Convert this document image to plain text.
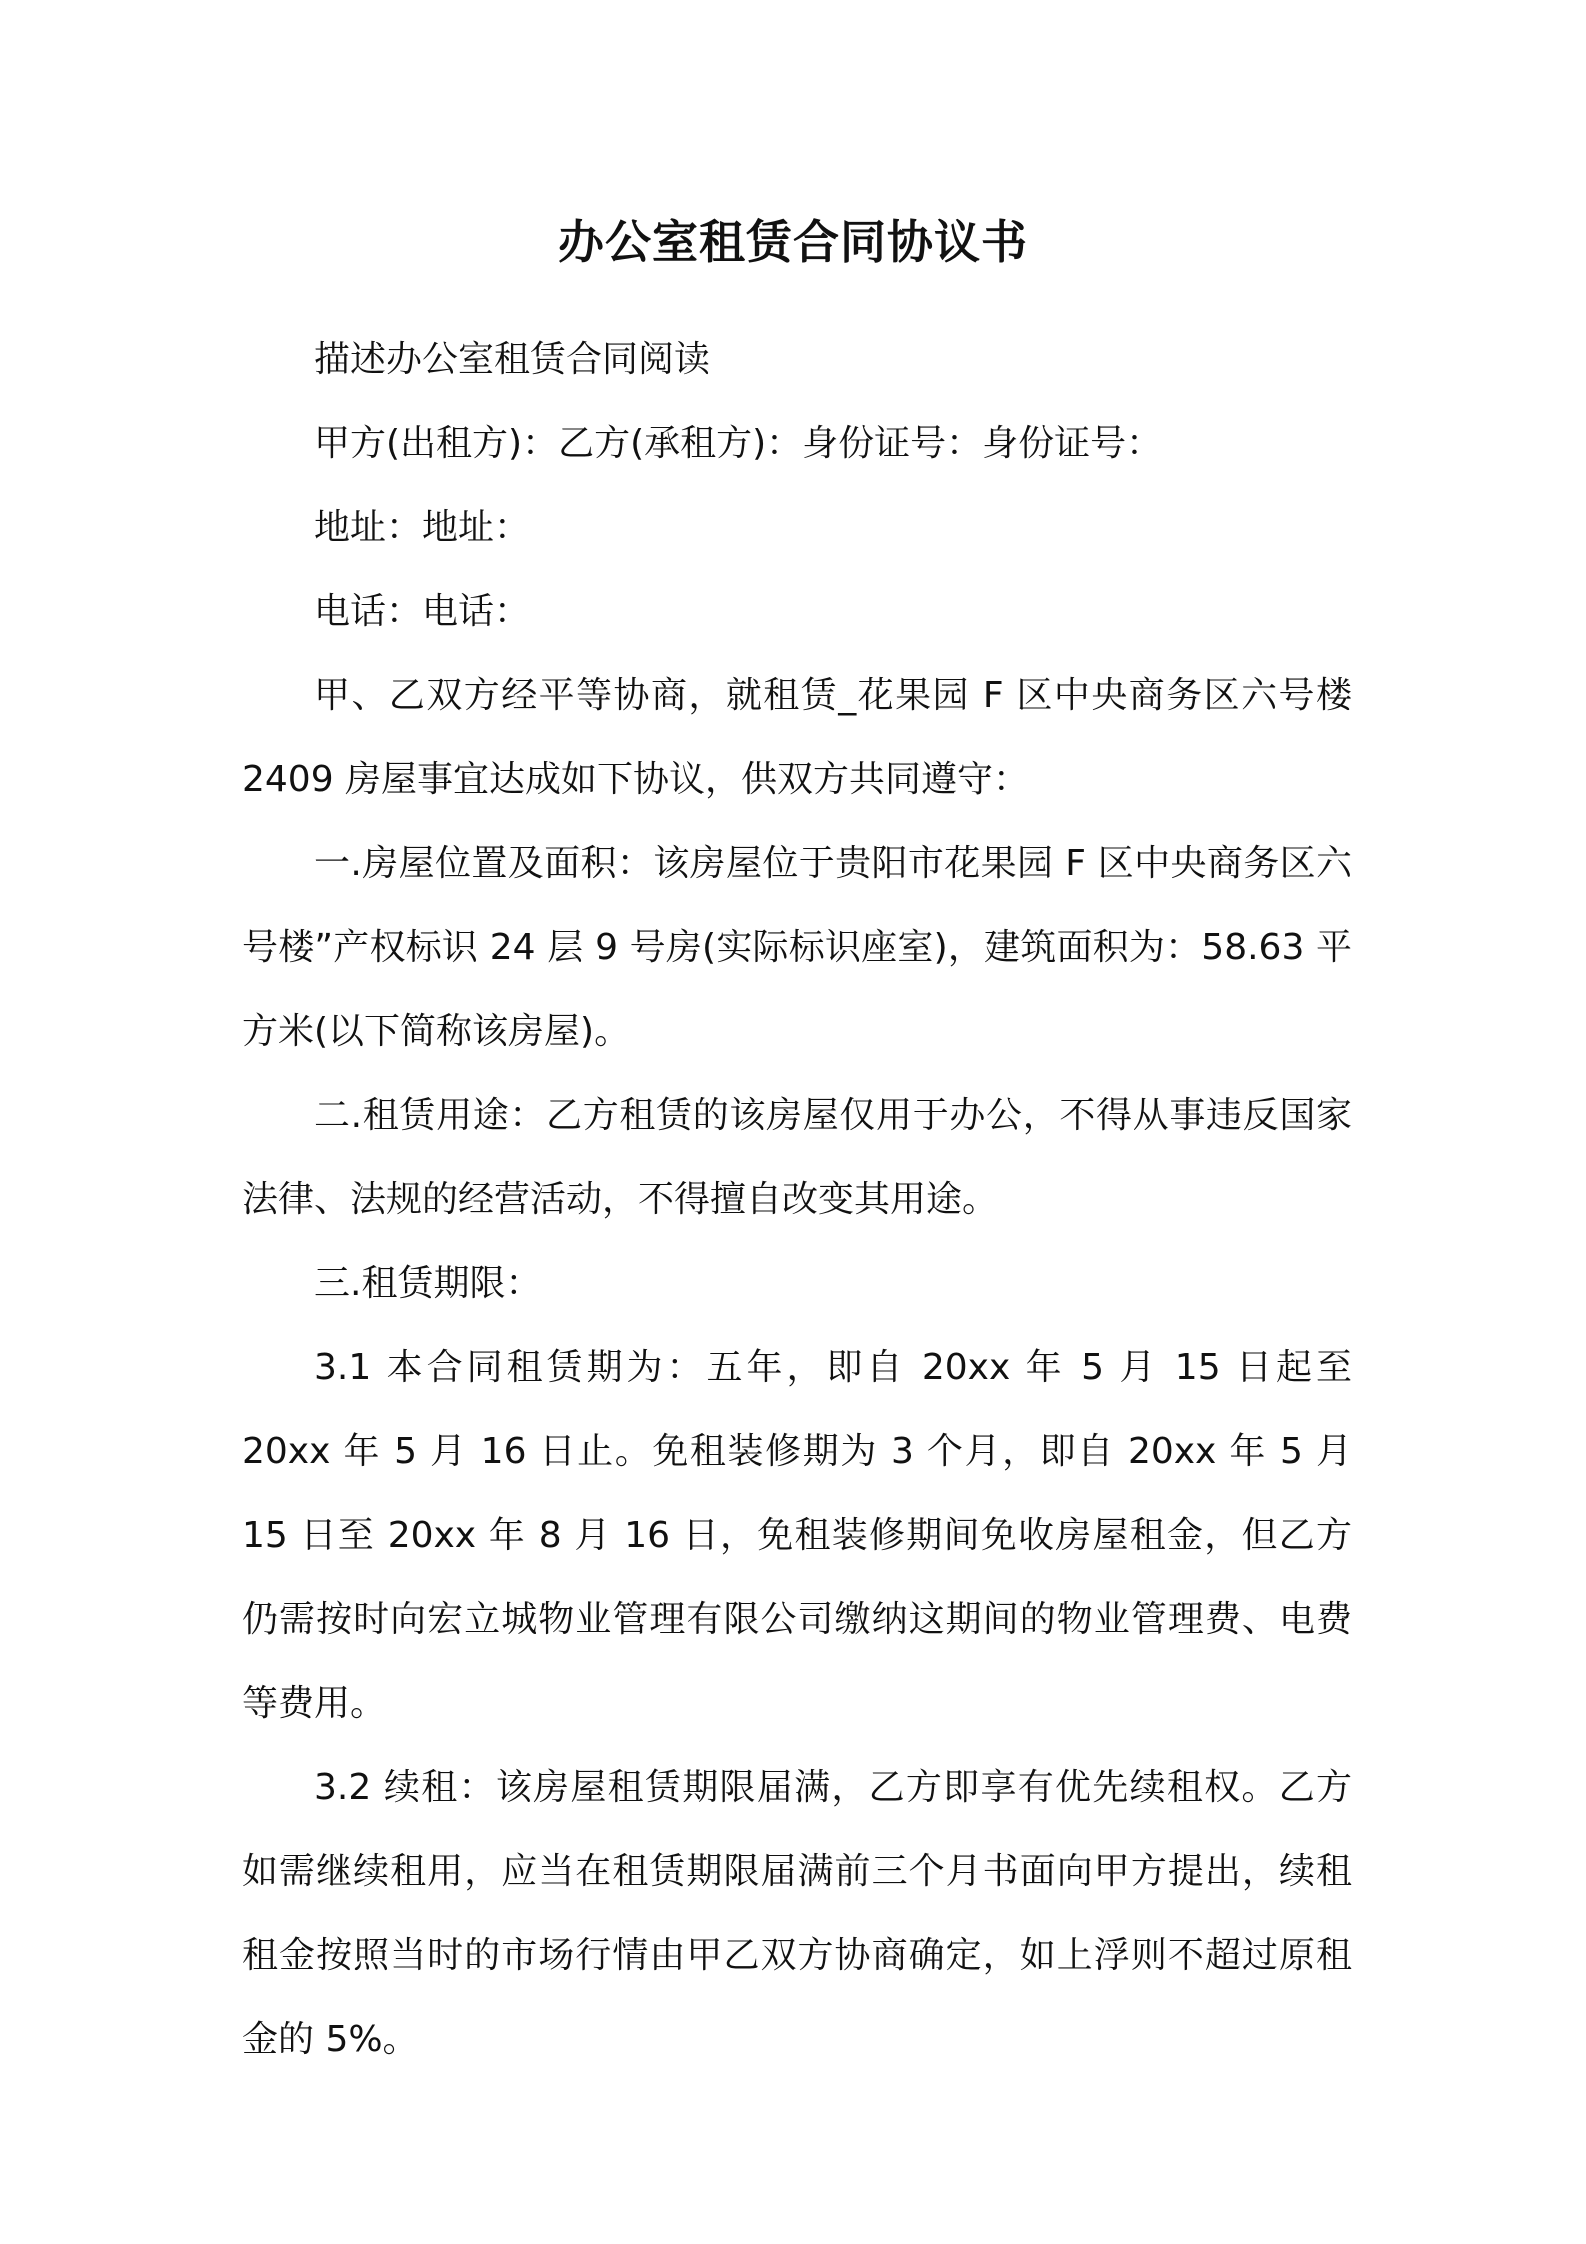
办公室租赁合同协议书

描述办公室租赁合同阅读

甲方(出租方)：乙方(承租方)：身份证号：身份证号：

地址：地址：

电话：电话：

甲、乙双方经平等协商，就租赁_花果园 F 区中央商务区六号楼 2409 房屋事宜达成如下协议，供双方共同遵守：

一.房屋位置及面积：该房屋位于贵阳市花果园 F 区中央商务区六号楼”产权标识 24 层 9 号房(实际标识座室)，建筑面积为：58.63 平方米(以下简称该房屋)。

二.租赁用途：乙方租赁的该房屋仅用于办公，不得从事违反国家法律、法规的经营活动，不得擅自改变其用途。

三.租赁期限：

3.1 本合同租赁期为：五年，即自 20xx 年 5 月 15 日起至 20xx 年 5 月 16 日止。免租装修期为 3 个月，即自 20xx 年 5 月 15 日至 20xx 年 8 月 16 日，免租装修期间免收房屋租金，但乙方仍需按时向宏立城物业管理有限公司缴纳这期间的物业管理费、电费等费用。

3.2 续租：该房屋租赁期限届满，乙方即享有优先续租权。乙方如需继续租用，应当在租赁期限届满前三个月书面向甲方提出，续租租金按照当时的市场行情由甲乙双方协商确定，如上浮则不超过原租金的 5%。
